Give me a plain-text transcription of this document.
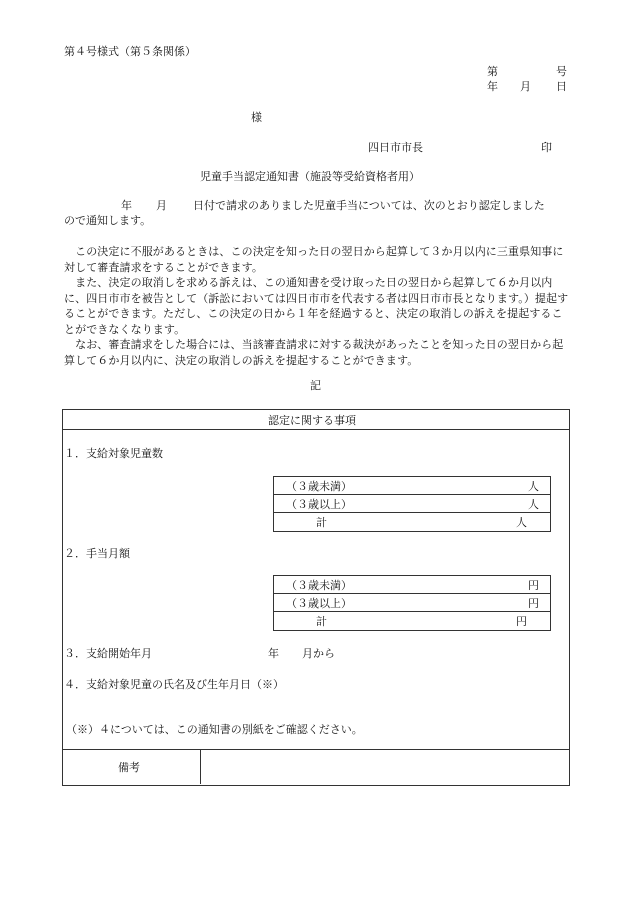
第４号様式（第５条関係）
第	号
年 月 日
様
四日市市長	印
児童手当認定通知書（施設等受給資格者用）
年 月 日付で請求のありました児童手当については、次のとおり認定しました
ので通知します。
　この決定に不服があるときは、この決定を知った日の翌日から起算して３か月以内に三重県知事に対して審査請求をすることができます。
　また、決定の取消しを求める訴えは、この通知書を受け取った日の翌日から起算して６か月以内に、四日市市を被告として（訴訟においては四日市市を代表する者は四日市市長となります。）提起することができます。ただし、この決定の日から１年を経過すると、決定の取消しの訴えを提起することができなくなります。
　なお、審査請求をした場合には、当該審査請求に対する裁決があったことを知った日の翌日から起算して６か月以内に、決定の取消しの訴えを提起することができます。
記
認定に関する事項
１．支給対象児童数
（３歳未満）	人
（３歳以上）	人
計	人
２．手当月額
（３歳未満）	円
（３歳以上）	円
計	円
３．支給開始年月	年 月から
４．支給対象児童の氏名及び生年月日（※）
（※）４については、この通知書の別紙をご確認ください。
備考
